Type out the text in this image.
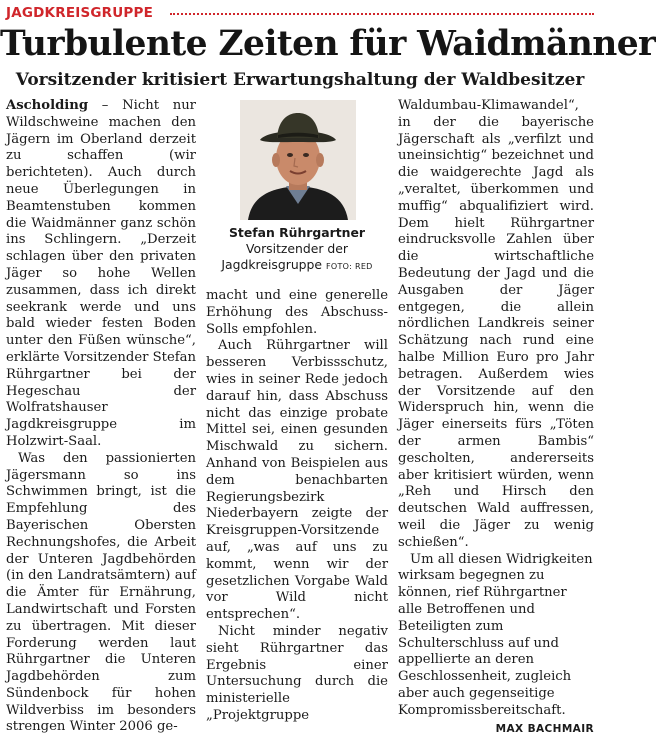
JAGDKREISGRUPPE
Turbulente Zeiten für Waidmänner
Vorsitzender kritisiert Erwartungshaltung der Waldbesitzer
Stefan Rührgartner
Vorsitzender der Jagdkreisgruppe FOTO: RED

Ascholding – Nicht nur Wildschweine machen den Jägern im Oberland derzeit zu schaffen (wir berichteten). Auch durch neue Überlegungen in Beamtenstuben kommen die Waidmänner ganz schön ins Schlingern. „Derzeit schlagen über den privaten Jäger so hohe Wellen zusammen, dass ich direkt seekrank werde und uns bald wieder festen Boden unter den Füßen wünsche“, erklärte Vorsitzender Stefan Rührgartner bei der Hegeschau der Wolfratshauser Jagdkreisgruppe im Holzwirt-Saal.

Was den passionierten Jägersmann so ins Schwimmen bringt, ist die Empfehlung des Bayerischen Obersten Rechnungshofes, die Arbeit der Unteren Jagdbehörden (in den Landratsämtern) auf die Ämter für Ernährung, Landwirtschaft und Forsten zu übertragen. Mit dieser Forderung werden laut Rührgartner die Unteren Jagdbehörden zum Sündenbock für hohen Wildverbiss im besonders strengen Winter 2006 ge-

macht und eine generelle Erhöhung des Abschuss-Solls empfohlen.

Auch Rührgartner will besseren Verbissschutz, wies in seiner Rede jedoch darauf hin, dass Abschuss nicht das einzige probate Mittel sei, einen gesunden Mischwald zu sichern. Anhand von Beispielen aus dem benachbarten Regierungsbezirk Niederbayern zeigte der Kreisgruppen-Vorsitzende auf, „was auf uns zu kommt, wenn wir der gesetzlichen Vorgabe Wald vor Wild nicht entsprechen“.

Nicht minder negativ sieht Rührgartner das Ergebnis einer Untersuchung durch die ministerielle „Projektgruppe

Waldumbau-Klimawandel“, in der die bayerische Jägerschaft als „verfilzt und uneinsichtig“ bezeichnet und die waidgerechte Jagd als „veraltet, überkommen und muffig“ abqualifiziert wird. Dem hielt Rührgartner eindrucksvolle Zahlen über die wirtschaftliche Bedeutung der Jagd und die Ausgaben der Jäger entgegen, die allein nördlichen Landkreis seiner Schätzung nach rund eine halbe Million Euro pro Jahr betragen. Außerdem wies der Vorsitzende auf den Widerspruch hin, wenn die Jäger einerseits fürs „Töten der armen Bambis“ gescholten, andererseits aber kritisiert würden, wenn „Reh und Hirsch den deutschen Wald auffressen, weil die Jäger zu wenig schießen“.

Um all diesen Widrigkeiten wirksam begegnen zu können, rief Rührgartner alle Betroffenen und Beteiligten zum Schulterschluss auf und appellierte an deren Geschlossenheit, zugleich aber auch gegenseitige Kompromissbereitschaft.
MAX BACHMAIR
